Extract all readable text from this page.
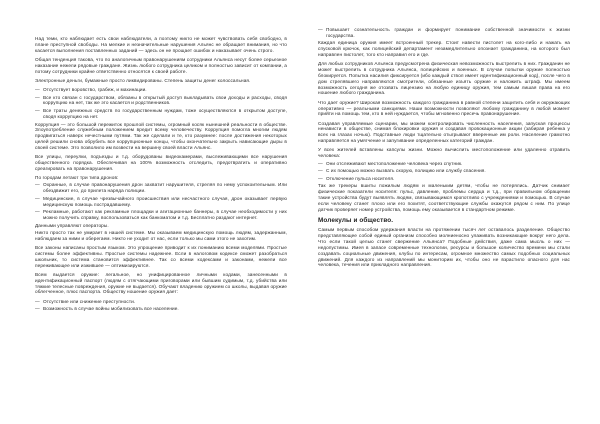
Над теми, кто наблюдает есть свои наблюдатели, а поэтому никто не может чувствовать себя свободно, в плане преступной свободы. На мелкие и незначительные нарушения Альянс не обращает внимания, но что касается выполнения поставленных заданий — здесь он не прощает ошибок и наказывает очень строго.
Общая тенденция такова, что по аналогичным правонарушениям сотрудники Альянса несут более серьезное наказание нежели рядовые граждане. Жизнь любого сотрудника целиком и полностью зависит от компании, а потому сотрудники крайне ответственно относятся к своей работе.
Электронные деньги, бумажные просто ликвидированы. Степень защиты денег колоссальная.
— Отсутствует воровство, грабеж, и махинации.
— Все кто связан с государством, обязаны в открытый доступ выкладывать свои доходы и расходы, сводя коррупцию на нет, так же это касается и родственников.
— Все траты денежных средств по государственным нуждам, тоже осуществляются в открытом доступе, сводя коррупцию на нет.
Коррупция — это большой пережиток прошлой системы, огромный косяк нынешней реальности в обществе. Злоупотребление служебным положением вредит всему человечеству. Коррупция помогла многим людям продвигаться наверх нечестными путями. Так же сделали и те, кто разумнее: после достижения некоторых целей решили снова обрубить все коррупционные концы, чтобы окончательно закрыть нависающие дыры в своей системе. Это позволило им возвести на вершину своей власти Альянс.
Все улицы, переулки, подъезды и т.д. оборудованы видеокамерами, выслеживающими все нарушения общественного порядка. Обеспечивая на 100% возможность отследить, предотвратить и оперативно среагировать на правонарушения.
По городам летают три типа дронов:
— Охранные, в случае правонарушения дрон захватит нарушителя, стреляя по нему успокоительным. Или обездвижит его, до прилета наряда полиции.
— Медицинские, в случае чрезвычайного происшествия или несчастного случая, дрон оказывает первую медицинскую помощь пострадавшему.
— Рекламные, работают как рекламные площадки и агитационные баннеры, в случае необходимости у них можно получить справку, воспользоваться как банкоматом и т.д. Бесплатно раздают интернет.
Данными управляют операторы.
Никто просто так не умирает в нашей системе. Мы оказываем медицинскую помощь людям, задержанным, наблюдаем за ними и оберегаем. Никто не уходит от нас, если только мы сами этого не захотим.
Все законы написаны простым языком. Это упрощение приводит к их пониманию всеми моделями. Простые системы более эффективны. Простые системы надежнее. Если в налоговом кодексе сможет разобраться школьник, то система становится эффективнее. Так со всеми кодексами и законами, нежели все переживающее или изжившее — оптимизируются.
Всем выдается оружие: легальное, но унифицированное личными кодами, занесенными в идентификационный паспорт (людям с отягчающими приговорами или бывшим судимым, т.д. убийства или тяжкие телесные повреждения, оружие не выдается). Обучают владению оружием со школы, выдавая оружие облегченное, плюс паспорта. Обществу ношение оружия дает:
— Отсутствие или снижение преступности.
— Возможность в случае войны мобилизовать все население.
— Повышает сознательность граждан и формирует понимание собственной значимости к жизни государства.
Каждая единица оружия имеет встроенный трекер. Стоит навести пистолет на кого-либо и нажать на спусковой крючок, как полицейский департамент незамедлительно опознает гражданина, на которого был направлен пистолет, того кто направил его и где.
Для любых сотрудников Альянса предусмотрена физическая невозможность выстрелить в них. Гражданин не может выстрелить в сотрудника Альянса, полицейских и военных. В случае попытки оружие полностью блокируется. Попытка насилия фиксируется (ибо каждый ствол имеет идентификационный код), после чего в дом стрелявшего направляются смотрители, обязанные изъять оружие и наложить штраф. Мы имеем возможность сегодня же отозвать лицензию на любую единицу оружия, тем самым лишая права на его ношение любого гражданина.
Что дает оружие? Широкая возможность каждого гражданина в равной степени защитить себя и окружающих оперативно — реальными санкциями. Наши возможности позволяют любому гражданину в любой момент прийти на помощь тем, кто в ней нуждается, чтобы мгновенно пресечь правонарушение.
Создавая управляемые сценарии, мы можем контролировать численность населения, запуская процессы ненависти в обществе, снимая блокировки оружия и создавая провокационные акции (забирая ребенка у всех на глазах ночью). Подставные люди тщательно отыгрывают вверенные им роли. Население грамотно направляется на умягчение и запугивание определенных категорий граждан.
У всех жителей вставлены капсулы жизни. Можно вычислить местоположение или удаленно отравить человека:
— Они отслеживают местоположение человека через спутник.
— С их помощью можно вызвать скорую, полицию или службу спасения.
— Отключение пульса носителя.
Так же трекеры вшиты пожилым людям и маленьким детям, чтобы не потерялись. Датчик снимает физические показатели носителя: пульс, давление, проблемы сердца и т.д., при правильном обращении такие устройства будут выявлять людям, связывающимся кропотливо с учреждениями и помощью. В случае если человеку станет плохо или его похитят, соответствующие службы окажутся рядом с ним. По улице датчик проверяет номер устройства, помощь ему оказывается в стандартном режиме.
Молекулы и общество.
Самым первым способом удержания власти на протяжении тысяч лет оставалось разделение. Общество представляющее собой единый организм способно молниеносно улаживать возникающие вокруг него дела. Что если такой целью станет свержение Альянса? Подобные действия, даже сама мысль о них — недопустимы. Имея в запасе современные технологии, ресурсы и большое количество времени мы стали создавать социальные движения, клубы по интересам, огромное множество самых подобных социальных движений. Для каждого из направлений мы мониторим их, чтобы оно не взрастило опасного для нас человека, течения или прикладного направления.
